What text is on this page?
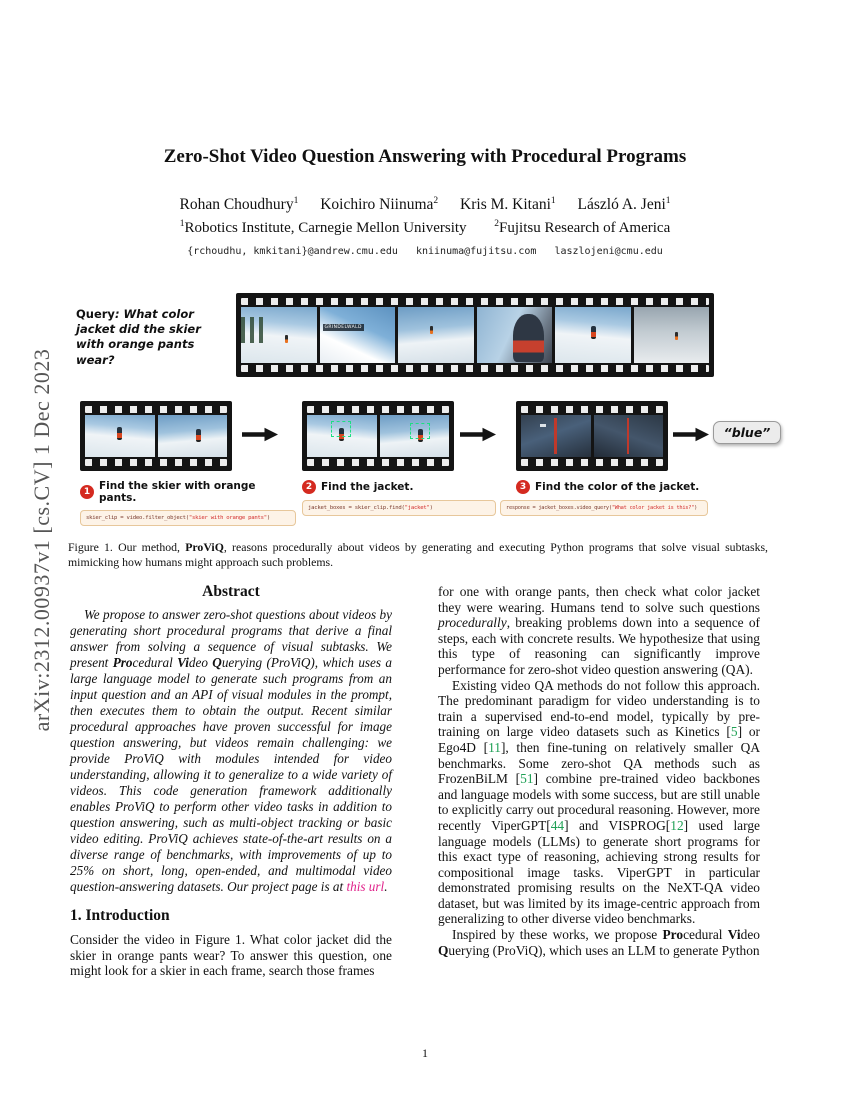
arXiv:2312.00937v1 [cs.CV] 1 Dec 2023
Zero-Shot Video Question Answering with Procedural Programs
Rohan Choudhury$^1$ Koichiro Niinuma$^2$ Kris M. Kitani$^1$ László A. Jeni$^1$
$^1$Robotics Institute, Carnegie Mellon University	$^2$Fujitsu Research of America
{rchoudhu, kmkitani}@andrew.cmu.edu   kniinuma@fujitsu.com   laszlojeni@cmu.edu
Query: What color jacket did the skier with orange pants wear?
GRINDELWALD
1 Find the skier with orange pants.
skier_clip = video.filter_object("skier with orange pants")
2 Find the jacket.
jacket_boxes = skier_clip.find("jacket")
3 Find the color of the jacket.
response = jacket_boxes.video_query("What color jacket is this?")
“blue”
Figure 1. Our method, ProViQ, reasons procedurally about videos by generating and executing Python programs that solve visual subtasks, mimicking how humans might approach such problems.
Abstract
We propose to answer zero-shot questions about videos by generating short procedural programs that derive a final answer from solving a sequence of visual subtasks. We present Procedural Video Querying (ProViQ), which uses a large language model to generate such programs from an input question and an API of visual modules in the prompt, then executes them to obtain the output. Recent similar procedural approaches have proven successful for image question answering, but videos remain challenging: we provide ProViQ with modules intended for video understanding, allowing it to generalize to a wide variety of videos. This code generation framework additionally enables ProViQ to perform other video tasks in addition to question answering, such as multi-object tracking or basic video editing. ProViQ achieves state-of-the-art results on a diverse range of benchmarks, with improvements of up to 25% on short, long, open-ended, and multimodal video question-answering datasets. Our project page is at this url.
1. Introduction
Consider the video in Figure 1. What color jacket did the skier in orange pants wear? To answer this question, one might look for a skier in each frame, search those frames
for one with orange pants, then check what color jacket they were wearing. Humans tend to solve such questions procedurally, breaking problems down into a sequence of steps, each with concrete results. We hypothesize that using this type of reasoning can significantly improve performance for zero-shot video question answering (QA).
Existing video QA methods do not follow this approach. The predominant paradigm for video understanding is to train a supervised end-to-end model, typically by pre-training on large video datasets such as Kinetics [5] or Ego4D [11], then fine-tuning on relatively smaller QA benchmarks. Some zero-shot QA methods such as FrozenBiLM [51] combine pre-trained video backbones and language models with some success, but are still unable to explicitly carry out procedural reasoning. However, more recently ViperGPT[44] and VISPROG[12] used large language models (LLMs) to generate short programs for this exact type of reasoning, achieving strong results for compositional image tasks. ViperGPT in particular demonstrated promising results on the NeXT-QA video dataset, but was limited by its image-centric approach from generalizing to other diverse video benchmarks.
Inspired by these works, we propose Procedural Video Querying (ProViQ), which uses an LLM to generate Python
1
